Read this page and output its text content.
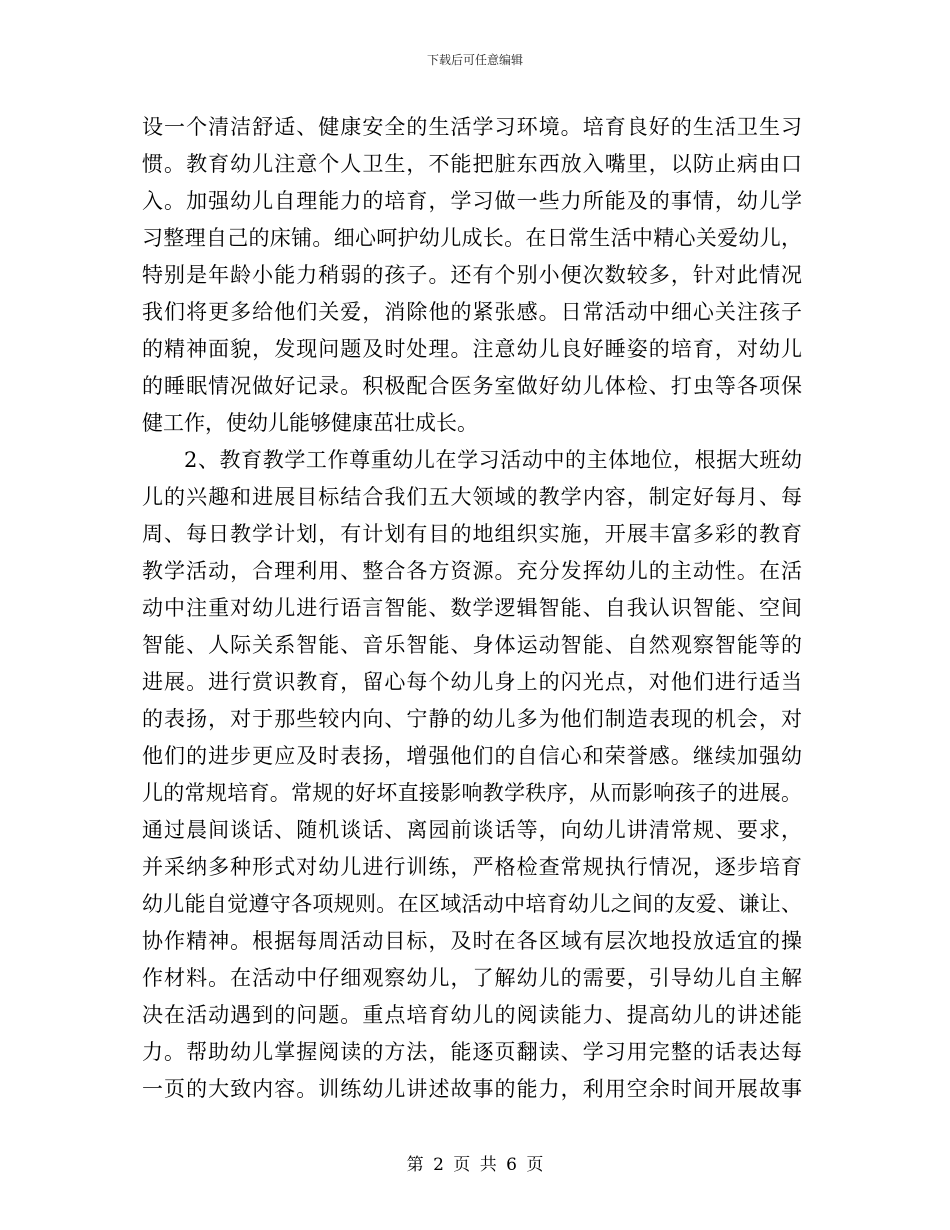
下载后可任意编辑
设一个清洁舒适、健康安全的生活学习环境。培育良好的生活卫生习
惯。教育幼儿注意个人卫生，不能把脏东西放入嘴里，以防止病由口
入。加强幼儿自理能力的培育，学习做一些力所能及的事情，幼儿学
习整理自己的床铺。细心呵护幼儿成长。在日常生活中精心关爱幼儿，
特别是年龄小能力稍弱的孩子。还有个别小便次数较多，针对此情况
我们将更多给他们关爱，消除他的紧张感。日常活动中细心关注孩子
的精神面貌，发现问题及时处理。注意幼儿良好睡姿的培育，对幼儿
的睡眠情况做好记录。积极配合医务室做好幼儿体检、打虫等各项保
健工作，使幼儿能够健康茁壮成长。
2、教育教学工作尊重幼儿在学习活动中的主体地位，根据大班幼
儿的兴趣和进展目标结合我们五大领域的教学内容，制定好每月、每
周、每日教学计划，有计划有目的地组织实施，开展丰富多彩的教育
教学活动，合理利用、整合各方资源。充分发挥幼儿的主动性。在活
动中注重对幼儿进行语言智能、数学逻辑智能、自我认识智能、空间
智能、人际关系智能、音乐智能、身体运动智能、自然观察智能等的
进展。进行赏识教育，留心每个幼儿身上的闪光点，对他们进行适当
的表扬，对于那些较内向、宁静的幼儿多为他们制造表现的机会，对
他们的进步更应及时表扬，增强他们的自信心和荣誉感。继续加强幼
儿的常规培育。常规的好坏直接影响教学秩序，从而影响孩子的进展。
通过晨间谈话、随机谈话、离园前谈话等，向幼儿讲清常规、要求，
并采纳多种形式对幼儿进行训练，严格检查常规执行情况，逐步培育
幼儿能自觉遵守各项规则。在区域活动中培育幼儿之间的友爱、谦让、
协作精神。根据每周活动目标，及时在各区域有层次地投放适宜的操
作材料。在活动中仔细观察幼儿，了解幼儿的需要，引导幼儿自主解
决在活动遇到的问题。重点培育幼儿的阅读能力、提高幼儿的讲述能
力。帮助幼儿掌握阅读的方法，能逐页翻读、学习用完整的话表达每
一页的大致内容。训练幼儿讲述故事的能力，利用空余时间开展故事
第 2 页 共 6 页
